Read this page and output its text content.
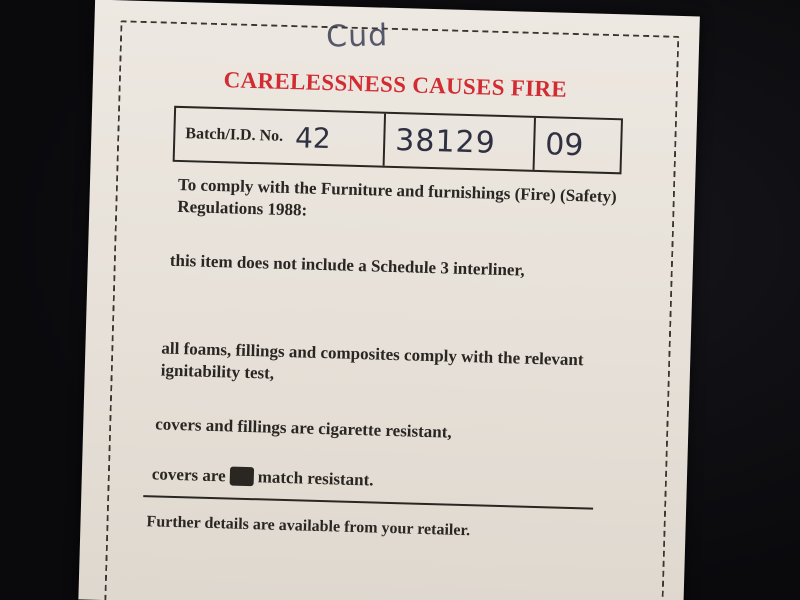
Cud
CARELESSNESS CAUSES FIRE
Batch/I.D. No. 42	38129	09
To comply with the Furniture and furnishings (Fire) (Safety) Regulations 1988:
this item does not include a Schedule 3 interliner,
all foams, fillings and composites comply with the relevant ignitability test,
covers and fillings are cigarette resistant,
covers are not match resistant.
Further details are available from your retailer.
